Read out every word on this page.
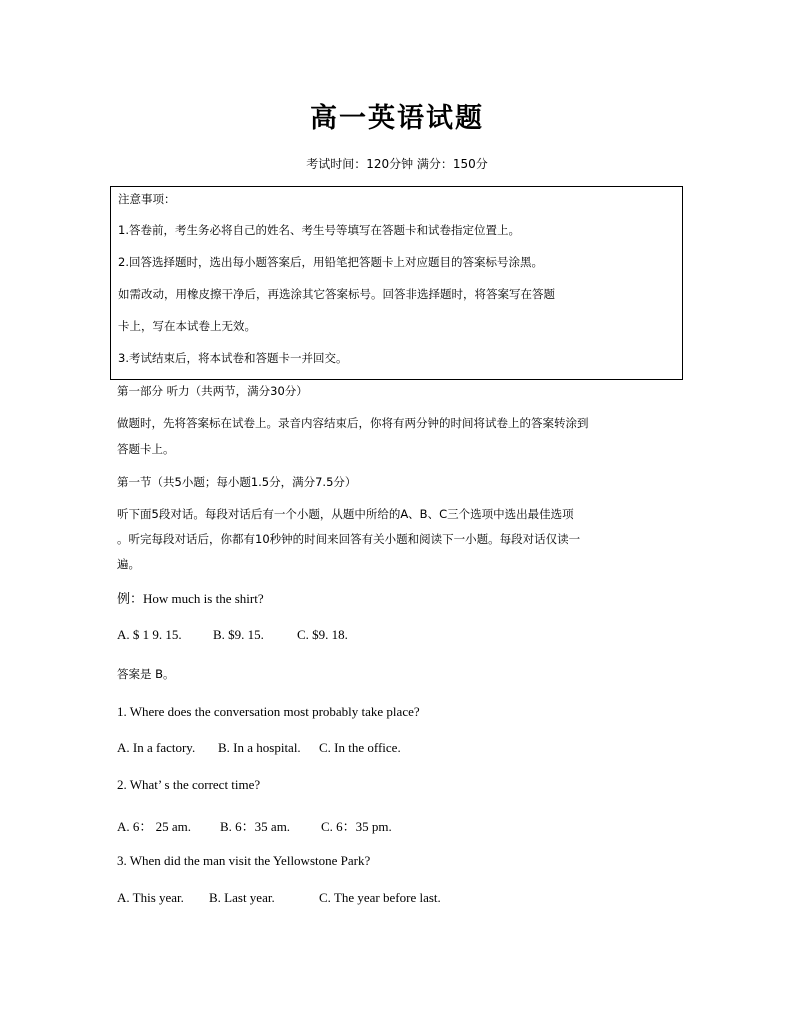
高一英语试题
考试时间：120分钟 满分：150分
注意事项：
1.答卷前，考生务必将自己的姓名、考生号等填写在答题卡和试卷指定位置上。
2.回答选择题时，选出每小题答案后，用铅笔把答题卡上对应题目的答案标号涂黑。
如需改动，用橡皮擦干净后，再选涂其它答案标号。回答非选择题时，将答案写在答题
卡上，写在本试卷上无效。
3.考试结束后，将本试卷和答题卡一并回交。
第一部分 听力（共两节，满分30分）
做题时，先将答案标在试卷上。录音内容结束后，你将有两分钟的时间将试卷上的答案转涂到
答题卡上。
第一节（共5小题；每小题1.5分，满分7.5分）
听下面5段对话。每段对话后有一个小题，从题中所给的A、B、C三个选项中选出最佳选项
。听完每段对话后，你都有10秒钟的时间来回答有关小题和阅读下一小题。每段对话仅读一
遍。
例：How much is the shirt?
A. $ 1 9. 15. B. $9. 15.	C. $9. 18.
答案是 B。
1. Where does the conversation most probably take place?
A. In a factory. B. In a hospital. C. In the office.
2. What’ s the correct time?
A. 6： 25 am. B. 6：35 am. C. 6：35 pm.
3. When did the man visit the Yellowstone Park?
A. This year. B. Last year.	C. The year before last.
